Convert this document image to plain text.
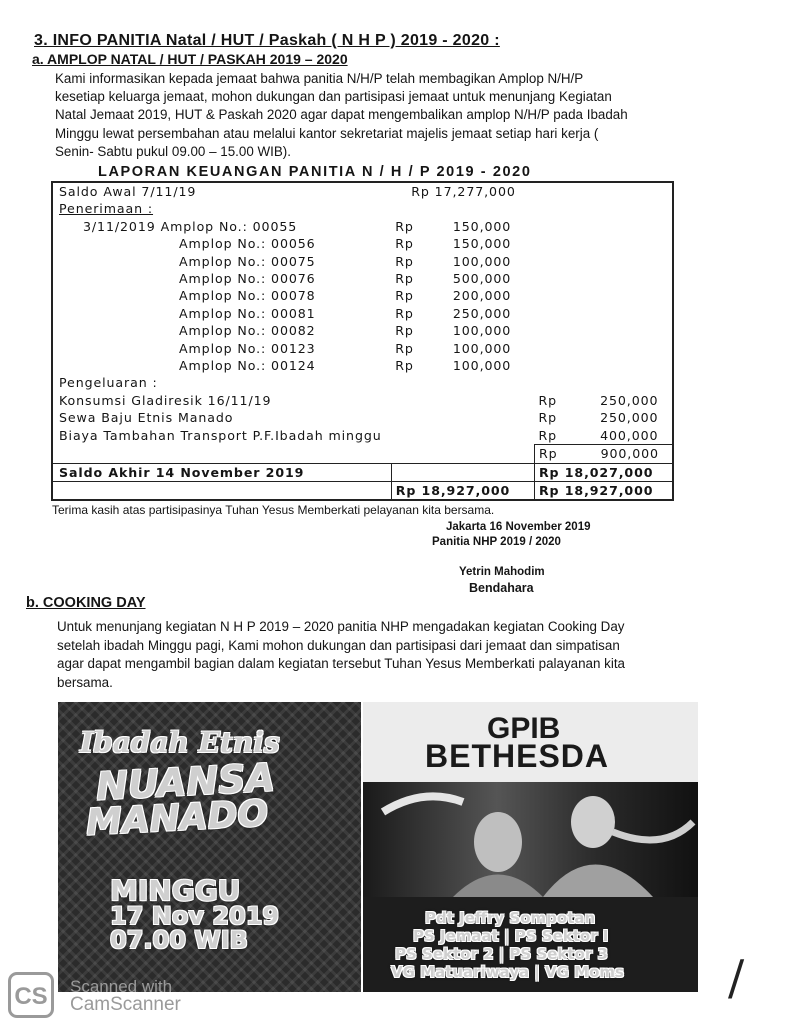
3. INFO PANITIA Natal / HUT / Paskah ( N H P ) 2019 - 2020 :
a. AMPLOP NATAL / HUT / PASKAH 2019 – 2020
Kami informasikan kepada jemaat bahwa panitia N/H/P telah membagikan Amplop N/H/P
kesetiap keluarga jemaat, mohon dukungan dan partisipasi jemaat untuk menunjang Kegiatan
Natal Jemaat 2019, HUT & Paskah 2020 agar dapat mengembalikan amplop N/H/P pada Ibadah
Minggu lewat persembahan atau melalui kantor sekretariat majelis jemaat setiap hari kerja (
Senin- Sabtu pukul 09.00 – 15.00 WIB).
LAPORAN KEUANGAN PANITIA N / H / P 2019 - 2020
Saldo Awal 7/11/19	Rp 17,277,000	
Penerimaan :		
3/11/2019 Amplop No.: 00055	Rp 150,000	
Amplop No.: 00056	Rp 150,000	
Amplop No.: 00075	Rp 100,000	
Amplop No.: 00076	Rp 500,000	
Amplop No.: 00078	Rp 200,000	
Amplop No.: 00081	Rp 250,000	
Amplop No.: 00082	Rp 100,000	
Amplop No.: 00123	Rp 100,000	
Amplop No.: 00124	Rp 100,000	
Pengeluaran :		
Konsumsi Gladiresik 16/11/19		Rp 250,000
Sewa Baju Etnis Manado		Rp 250,000
Biaya Tambahan Transport P.F.Ibadah minggu		Rp 400,000
		Rp 900,000
Saldo Akhir 14 November 2019		Rp 18,027,000
	Rp 18,927,000	Rp 18,927,000
Terima kasih atas partisipasinya Tuhan Yesus Memberkati pelayanan kita bersama.
Jakarta 16 November 2019
Panitia NHP 2019 / 2020
Yetrin Mahodim
Bendahara
b. COOKING DAY
Untuk menunjang kegiatan N H P 2019 – 2020 panitia NHP mengadakan kegiatan Cooking Day
setelah ibadah Minggu pagi, Kami mohon dukungan dan partisipasi dari jemaat dan simpatisan
agar dapat mengambil bagian dalam kegiatan tersebut Tuhan Yesus Memberkati palayanan kita
bersama.
Ibadah Etnis
NUANSA
MANADO
MINGGU
17 Nov 2019
07.00 WIB
GPIB
BETHESDA
Pdt Jeffry Sompotan
PS Jemaat | PS Sektor I
PS Sektor 2 | PS Sektor 3
VG Matuariwaya | VG Moms /
CS	Scanned with
CamScanner
